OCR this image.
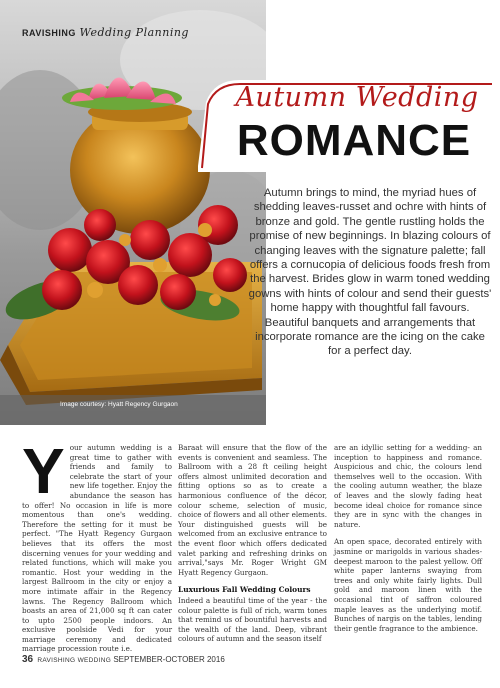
Image courtesy: Hyatt Regency Gurgaon
RAVISHING Wedding Planning
Autumn Wedding
ROMANCE
Autumn brings to mind, the myriad hues of shedding leaves-russet and ochre with hints of bronze and gold. The gentle rustling holds the promise of new beginnings. In blazing colours of changing leaves with the signature palette; fall offers a cornucopia of delicious foods fresh from the harvest. Brides glow in warm toned wedding gowns with hints of colour and send their guests' home happy with thoughtful fall favours. Beautiful banquets and arrangements that incorporate romance are the icing on the cake for a perfect day.

Your autumn wedding is a great time to gather with friends and family to celebrate the start of your new life together. Enjoy the abundance the season has to offer! No occasion in life is more momentous than one's wedding. Therefore the setting for it must be perfect. "The Hyatt Regency Gurgaon believes that its offers the most discerning venues for your wedding and related functions, which will make you romantic. Host your wedding in the largest Ballroom in the city or enjoy a more intimate affair in the Regency lawns. The Regency Ballroom which boasts an area of 21,000 sq ft can cater to upto 2500 people indoors. An exclusive poolside Vedi for your marriage ceremony and dedicated marriage procession route i.e.

Baraat will ensure that the flow of the events is convenient and seamless. The Ballroom with a 28 ft ceiling height offers almost unlimited decoration and fitting options so as to create a harmonious confluence of the décor, colour scheme, selection of music, choice of flowers and all other elements. Your distinguished guests will be welcomed from an exclusive entrance to the event floor which offers dedicated valet parking and refreshing drinks on arrival,"says Mr. Roger Wright GM Hyatt Regency Gurgaon.

Luxurious Fall Wedding Colours

Indeed a beautiful time of the year - the colour palette is full of rich, warm tones that remind us of bountiful harvests and the wealth of the land. Deep, vibrant colours of autumn and the season itself

are an idyllic setting for a wedding- an inception to happiness and romance. Auspicious and chic, the colours lend themselves well to the occasion. With the cooling autumn weather, the blaze of leaves and the slowly fading heat become ideal choice for romance since they are in sync with the changes in nature.

An open space, decorated entirely with jasmine or marigolds in various shades-deepest maroon to the palest yellow. Off white paper lanterns swaying from trees and only white fairly lights. Dull gold and maroon linen with the occasional tint of saffron coloured maple leaves as the underlying motif. Bunches of nargis on the tables, lending their gentle fragrance to the ambience.

36 RAVISHING WEDDING SEPTEMBER-OCTOBER 2016
